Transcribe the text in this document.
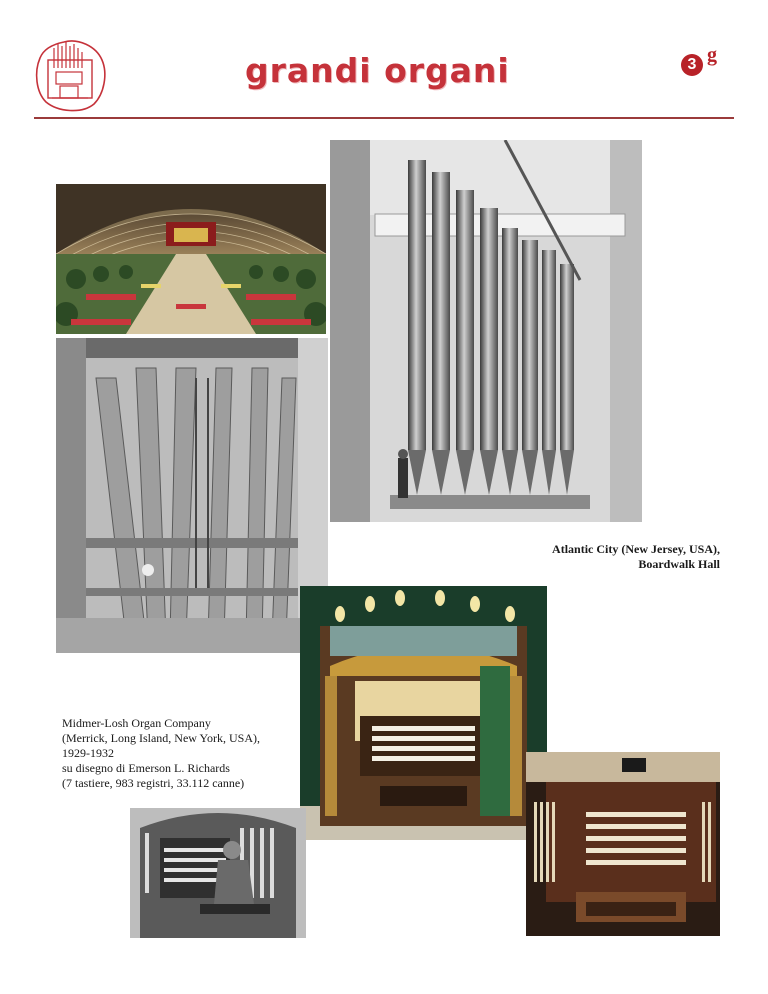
grandi organi	3 g

Atlantic City (New Jersey, USA),

Boardwalk Hall

Midmer-Losh Organ Company

(Merrick, Long Island, New York, USA),

1929-1932

su disegno di Emerson L. Richards

(7 tastiere, 983 registri, 33.112 canne)
